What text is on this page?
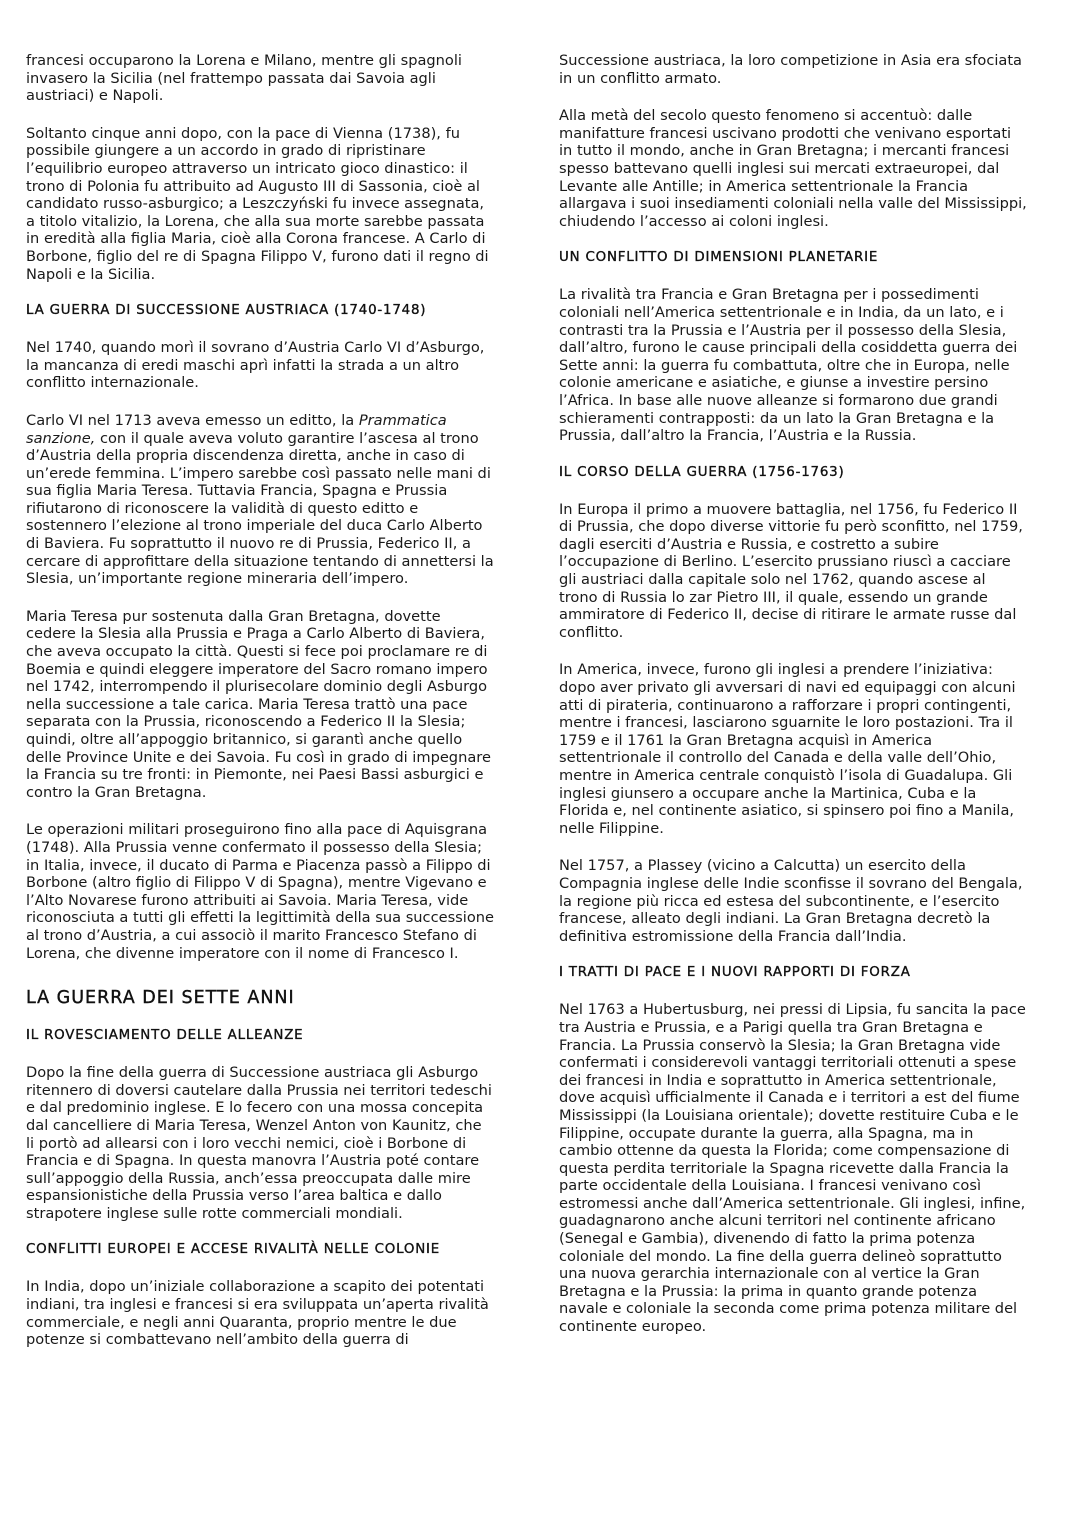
francesi occuparono la Lorena e Milano, mentre gli spagnoli invasero la Sicilia (nel frattempo passata dai Savoia agli austriaci) e Napoli.

Soltanto cinque anni dopo, con la pace di Vienna (1738), fu possibile giungere a un accordo in grado di ripristinare l’equilibrio europeo attraverso un intricato gioco dinastico: il trono di Polonia fu attribuito ad Augusto III di Sassonia, cioè al candidato russo-asburgico; a Leszczyński fu invece assegnata, a titolo vitalizio, la Lorena, che alla sua morte sarebbe passata in eredità alla figlia Maria, cioè alla Corona francese. A Carlo di Borbone, figlio del re di Spagna Filippo V, furono dati il regno di Napoli e la Sicilia.

LA GUERRA DI SUCCESSIONE AUSTRIACA (1740-1748)

Nel 1740, quando morì il sovrano d’Austria Carlo VI d’Asburgo, la mancanza di eredi maschi aprì infatti la strada a un altro conflitto internazionale.

Carlo VI nel 1713 aveva emesso un editto, la Prammatica sanzione, con il quale aveva voluto garantire l’ascesa al trono d’Austria della propria discendenza diretta, anche in caso di un’erede femmina. L’impero sarebbe così passato nelle mani di sua figlia Maria Teresa. Tuttavia Francia, Spagna e Prussia rifiutarono di riconoscere la validità di questo editto e sostennero l’elezione al trono imperiale del duca Carlo Alberto di Baviera. Fu soprattutto il nuovo re di Prussia, Federico II, a cercare di approfittare della situazione tentando di annettersi la Slesia, un’importante regione mineraria dell’impero.

Maria Teresa pur sostenuta dalla Gran Bretagna, dovette cedere la Slesia alla Prussia e Praga a Carlo Alberto di Baviera, che aveva occupato la città. Questi si fece poi proclamare re di Boemia e quindi eleggere imperatore del Sacro romano impero nel 1742, interrompendo il plurisecolare dominio degli Asburgo nella successione a tale carica. Maria Teresa trattò una pace separata con la Prussia, riconoscendo a Federico II la Slesia; quindi, oltre all’appoggio britannico, si garantì anche quello delle Province Unite e dei Savoia. Fu così in grado di impegnare la Francia su tre fronti: in Piemonte, nei Paesi Bassi asburgici e contro la Gran Bretagna.

Le operazioni militari proseguirono fino alla pace di Aquisgrana (1748). Alla Prussia venne confermato il possesso della Slesia; in Italia, invece, il ducato di Parma e Piacenza passò a Filippo di Borbone (altro figlio di Filippo V di Spagna), mentre Vigevano e l’Alto Novarese furono attribuiti ai Savoia. Maria Teresa, vide riconosciuta a tutti gli effetti la legittimità della sua successione al trono d’Austria, a cui associò il marito Francesco Stefano di Lorena, che divenne imperatore con il nome di Francesco I.

LA GUERRA DEI SETTE ANNI
IL ROVESCIAMENTO DELLE ALLEANZE

Dopo la fine della guerra di Successione austriaca gli Asburgo ritennero di doversi cautelare dalla Prussia nei territori tedeschi e dal predominio inglese. E lo fecero con una mossa concepita dal cancelliere di Maria Teresa, Wenzel Anton von Kaunitz, che li portò ad allearsi con i loro vecchi nemici, cioè i Borbone di Francia e di Spagna. In questa manovra l’Austria poté contare sull’appoggio della Russia, anch’essa preoccupata dalle mire espansionistiche della Prussia verso l’area baltica e dallo strapotere inglese sulle rotte commerciali mondiali.

CONFLITTI EUROPEI E ACCESE RIVALITÀ NELLE COLONIE

In India, dopo un’iniziale collaborazione a scapito dei potentati indiani, tra inglesi e francesi si era sviluppata un’aperta rivalità commerciale, e negli anni Quaranta, proprio mentre le due potenze si combattevano nell’ambito della guerra di

Successione austriaca, la loro competizione in Asia era sfociata in un conflitto armato.

Alla metà del secolo questo fenomeno si accentuò: dalle manifatture francesi uscivano prodotti che venivano esportati in tutto il mondo, anche in Gran Bretagna; i mercanti francesi spesso battevano quelli inglesi sui mercati extraeuropei, dal Levante alle Antille; in America settentrionale la Francia allargava i suoi insediamenti coloniali nella valle del Mississippi, chiudendo l’accesso ai coloni inglesi.

UN CONFLITTO DI DIMENSIONI PLANETARIE

La rivalità tra Francia e Gran Bretagna per i possedimenti coloniali nell’America settentrionale e in India, da un lato, e i contrasti tra la Prussia e l’Austria per il possesso della Slesia, dall’altro, furono le cause principali della cosiddetta guerra dei Sette anni: la guerra fu combattuta, oltre che in Europa, nelle colonie americane e asiatiche, e giunse a investire persino l’Africa. In base alle nuove alleanze si formarono due grandi schieramenti contrapposti: da un lato la Gran Bretagna e la Prussia, dall’altro la Francia, l’Austria e la Russia.

IL CORSO DELLA GUERRA (1756-1763)

In Europa il primo a muovere battaglia, nel 1756, fu Federico II di Prussia, che dopo diverse vittorie fu però sconfitto, nel 1759, dagli eserciti d’Austria e Russia, e costretto a subire l’occupazione di Berlino. L’esercito prussiano riuscì a cacciare gli austriaci dalla capitale solo nel 1762, quando ascese al trono di Russia lo zar Pietro III, il quale, essendo un grande ammiratore di Federico II, decise di ritirare le armate russe dal conflitto.

In America, invece, furono gli inglesi a prendere l’iniziativa: dopo aver privato gli avversari di navi ed equipaggi con alcuni atti di pirateria, continuarono a rafforzare i propri contingenti, mentre i francesi, lasciarono sguarnite le loro postazioni. Tra il 1759 e il 1761 la Gran Bretagna acquisì in America settentrionale il controllo del Canada e della valle dell’Ohio, mentre in America centrale conquistò l’isola di Guadalupa. Gli inglesi giunsero a occupare anche la Martinica, Cuba e la Florida e, nel continente asiatico, si spinsero poi fino a Manila, nelle Filippine.

Nel 1757, a Plassey (vicino a Calcutta) un esercito della Compagnia inglese delle Indie sconfisse il sovrano del Bengala, la regione più ricca ed estesa del subcontinente, e l’esercito francese, alleato degli indiani. La Gran Bretagna decretò la definitiva estromissione della Francia dall’India.

I TRATTI DI PACE E I NUOVI RAPPORTI DI FORZA

Nel 1763 a Hubertusburg, nei pressi di Lipsia, fu sancita la pace tra Austria e Prussia, e a Parigi quella tra Gran Bretagna e Francia. La Prussia conservò la Slesia; la Gran Bretagna vide confermati i considerevoli vantaggi territoriali ottenuti a spese dei francesi in India e soprattutto in America settentrionale, dove acquisì ufficialmente il Canada e i territori a est del fiume Mississippi (la Louisiana orientale); dovette restituire Cuba e le Filippine, occupate durante la guerra, alla Spagna, ma in cambio ottenne da questa la Florida; come compensazione di questa perdita territoriale la Spagna ricevette dalla Francia la parte occidentale della Louisiana. I francesi venivano così estromessi anche dall’America settentrionale. Gli inglesi, infine, guadagnarono anche alcuni territori nel continente africano (Senegal e Gambia), divenendo di fatto la prima potenza coloniale del mondo. La fine della guerra delineò soprattutto una nuova gerarchia internazionale con al vertice la Gran Bretagna e la Prussia: la prima in quanto grande potenza navale e coloniale la seconda come prima potenza militare del continente europeo.
